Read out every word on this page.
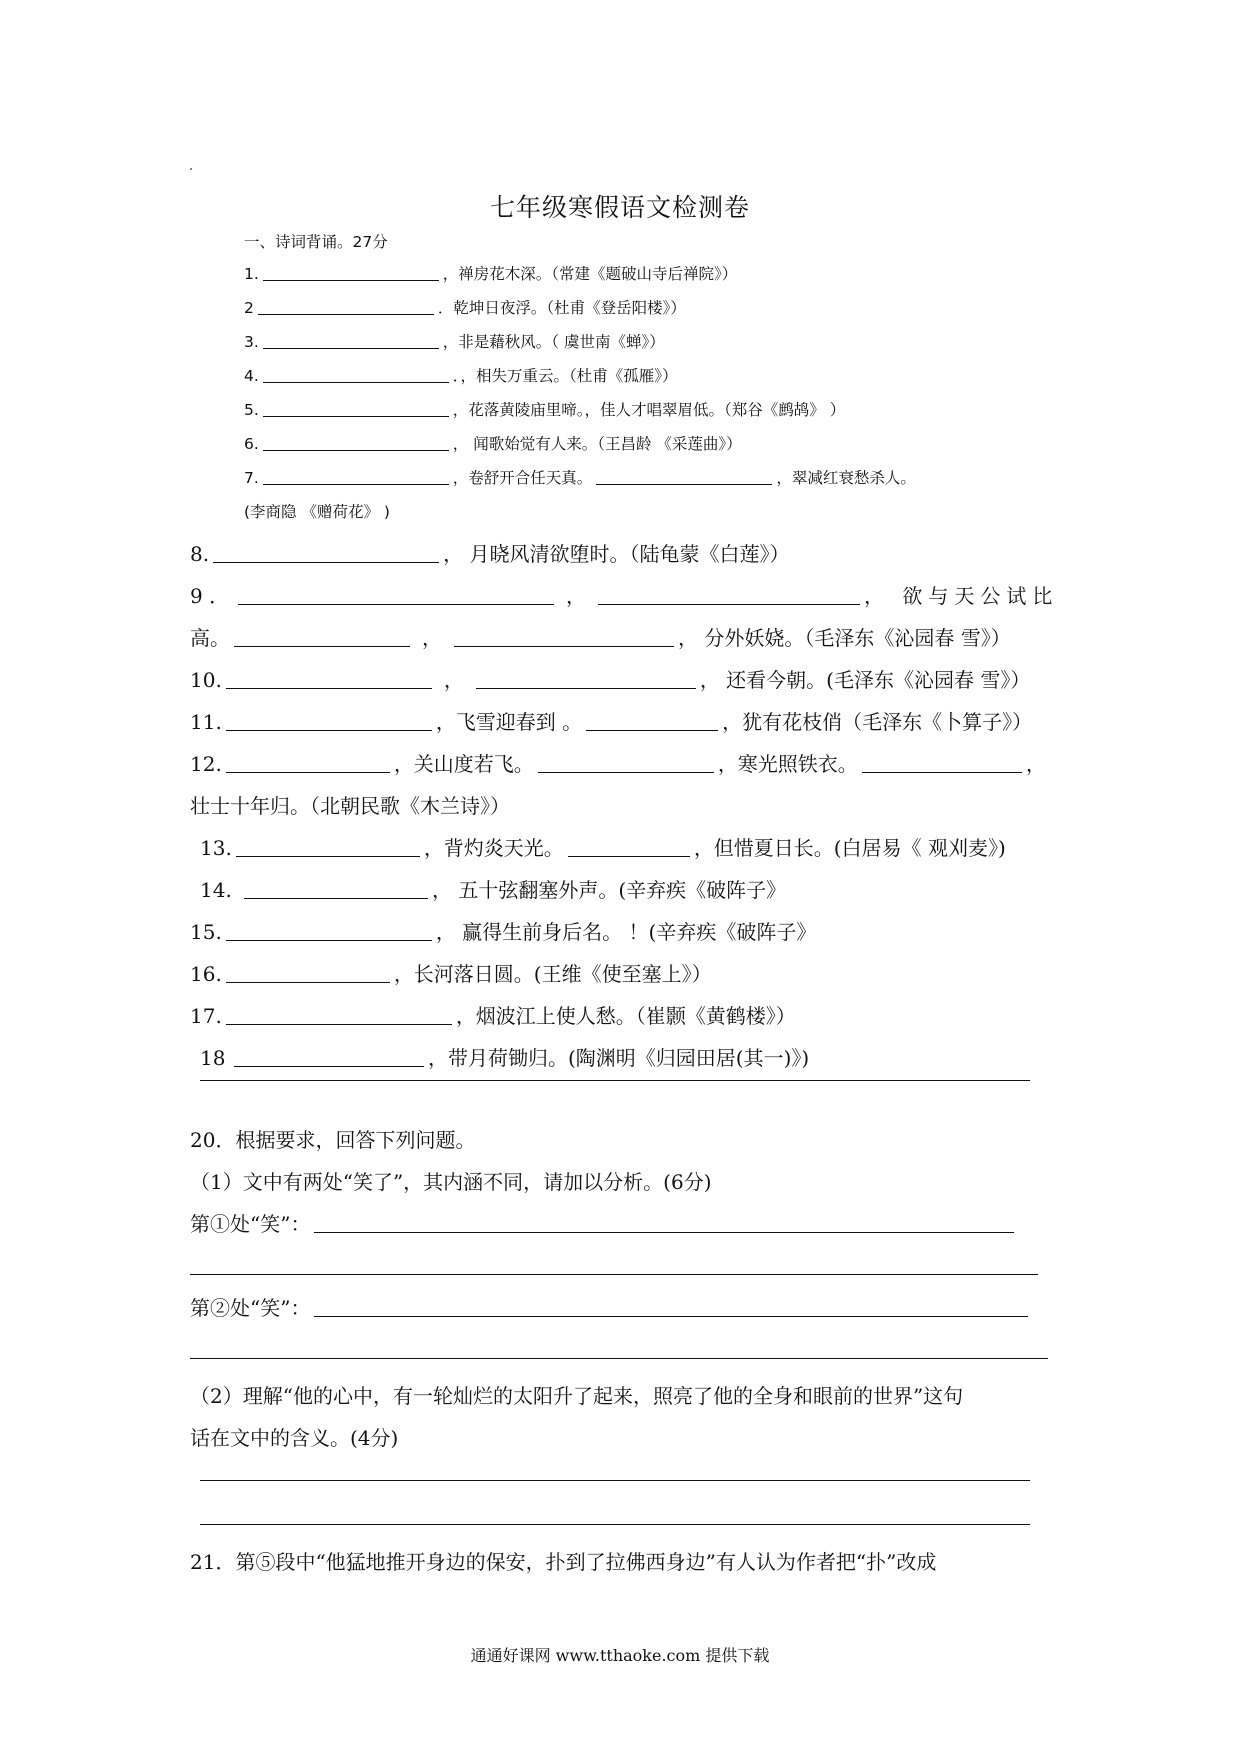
七年级寒假语文检测卷
一、诗词背诵。27分
1.	，禅房花木深。（常建《题破山寺后禅院》）
2	．乾坤日夜浮。（杜甫《登岳阳楼》）
3.	，非是藉秋风。（ 虞世南《蝉》）
4.	．，相失万重云。（杜甫《孤雁》）
5.	，花落黄陵庙里啼。，佳人才唱翠眉低。（郑谷《鹧鸪》 ）
6.	， 闻歌始觉有人来。（王昌龄 《采莲曲》）
7.	，卷舒开合任天真。	，翠减红衰愁杀人。
(李商隐 《赠荷花》 )
8.	， 月晓风清欲堕时。（陆龟蒙《白莲》）
9 ．	，	， 欲与天公试比
高。	，	， 分外妖娆。（毛泽东《沁园春 雪》）
10.	，	， 还看今朝。(毛泽东《沁园春 雪》）
11.	，飞雪迎春到 。	，犹有花枝俏（毛泽东《卜算子》）
12.	，关山度若飞。	，寒光照铁衣。	，
壮士十年归。（北朝民歌《木兰诗》）
13.	，背灼炎天光。	，但惜夏日长。(白居易《 观刈麦》)
14.	， 五十弦翻塞外声。(辛弃疾《破阵子》
15.	， 赢得生前身后名。 ！(辛弃疾《破阵子》
16.	，长河落日圆。(王维《使至塞上》）
17.	，烟波江上使人愁。（崔颢《黄鹤楼》）
18	，带月荷锄归。(陶渊明《归园田居(其一)》)
20．根据要求，回答下列问题。
（1）文中有两处“笑了”，其内涵不同，请加以分析。(6分)
第①处“笑”：
第②处“笑”：
（2）理解“他的心中，有一轮灿烂的太阳升了起来，照亮了他的全身和眼前的世界”这句
话在文中的含义。(4分)
21．第⑤段中“他猛地推开身边的保安，扑到了拉佛西身边”有人认为作者把“扑”改成
通通好课网 www.tthaoke.com 提供下载
